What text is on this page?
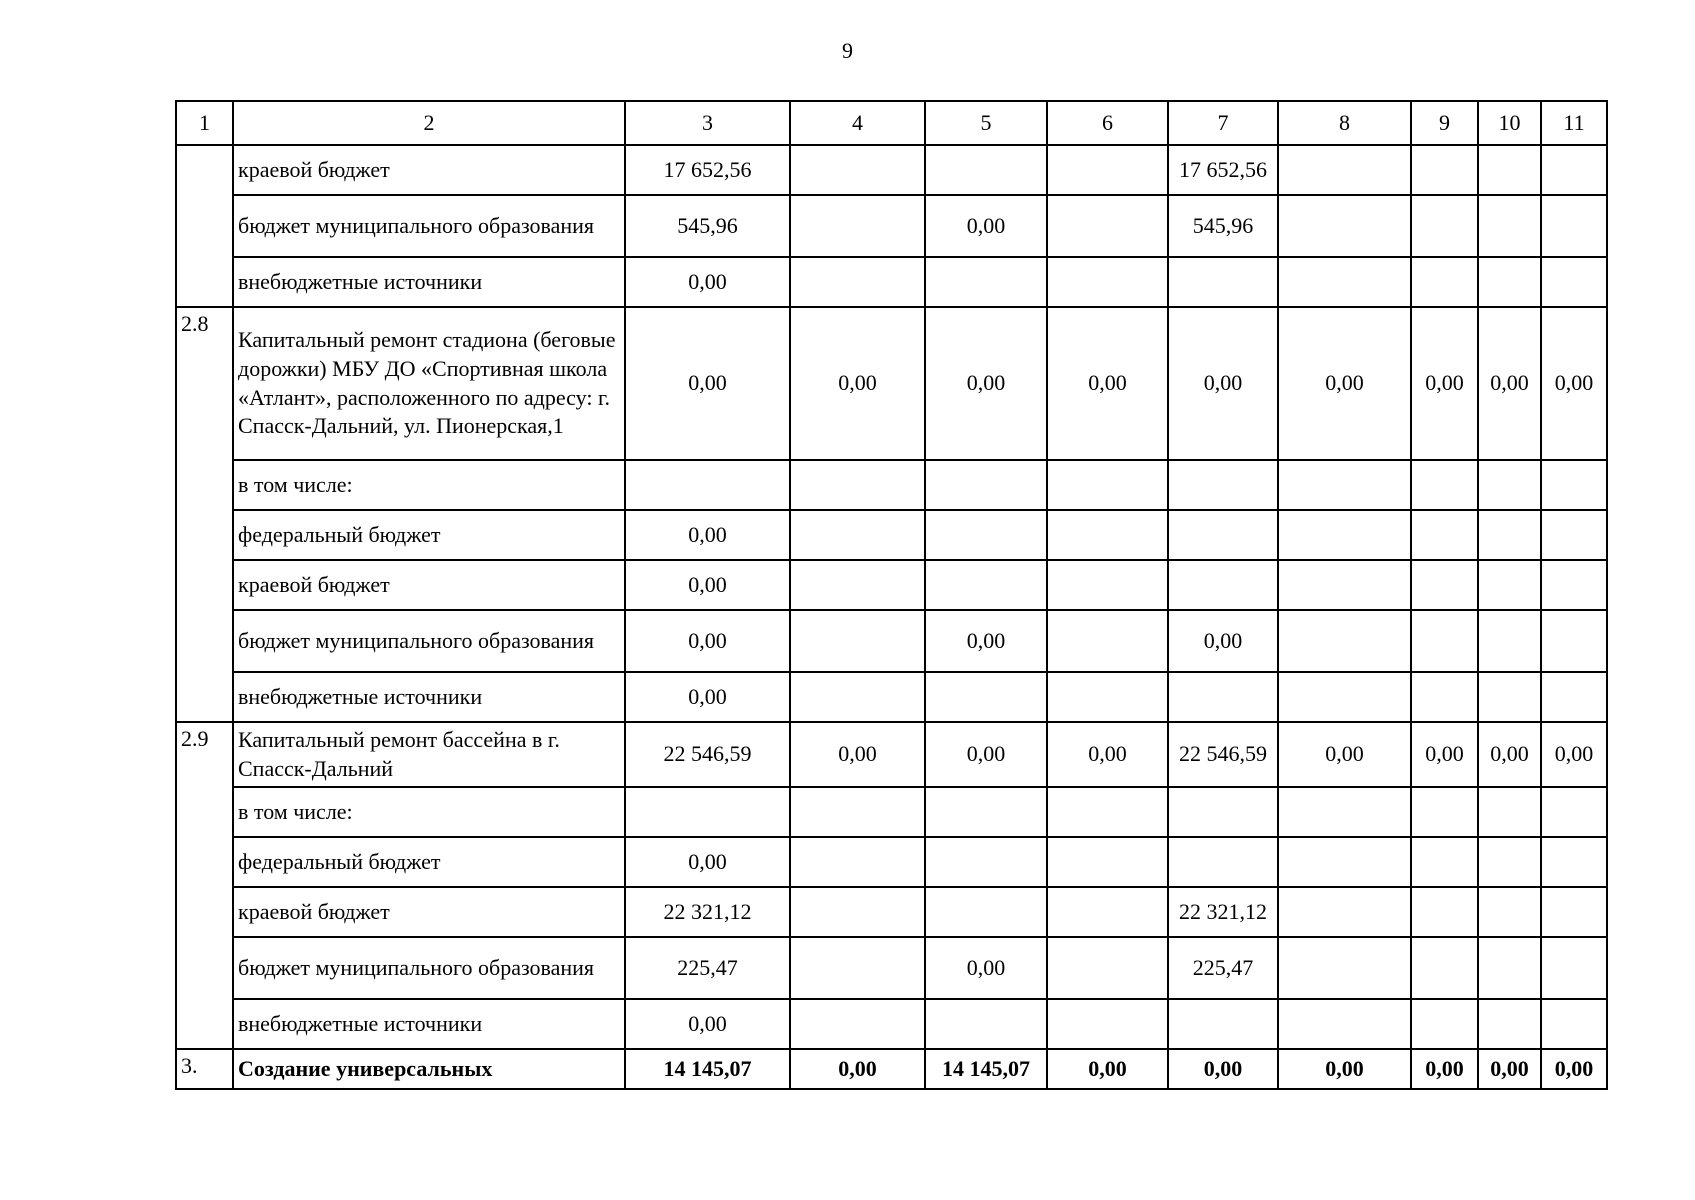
9
1	2	3	4	5	6	7	8	9	10	11
	краевой бюджет	17 652,56				17 652,56				
	бюджет муниципального образования	545,96		0,00		545,96				
	внебюджетные источники	0,00								
2.8	Капитальный ремонт стадиона (беговые дорожки) МБУ ДО «Спортивная школа «Атлант», расположенного по адресу: г. Спасск-Дальний, ул. Пионерская,1	0,00	0,00	0,00	0,00	0,00	0,00	0,00	0,00	0,00
	в том числе:									
	федеральный бюджет	0,00								
	краевой бюджет	0,00								
	бюджет муниципального образования	0,00		0,00		0,00				
	внебюджетные источники	0,00								
2.9	Капитальный ремонт бассейна в г. Спасск-Дальний	22 546,59	0,00	0,00	0,00	22 546,59	0,00	0,00	0,00	0,00
	в том числе:									
	федеральный бюджет	0,00								
	краевой бюджет	22 321,12				22 321,12				
	бюджет муниципального образования	225,47		0,00		225,47				
	внебюджетные источники	0,00								
3.	Создание универсальных	14 145,07	0,00	14 145,07	0,00	0,00	0,00	0,00	0,00	0,00
